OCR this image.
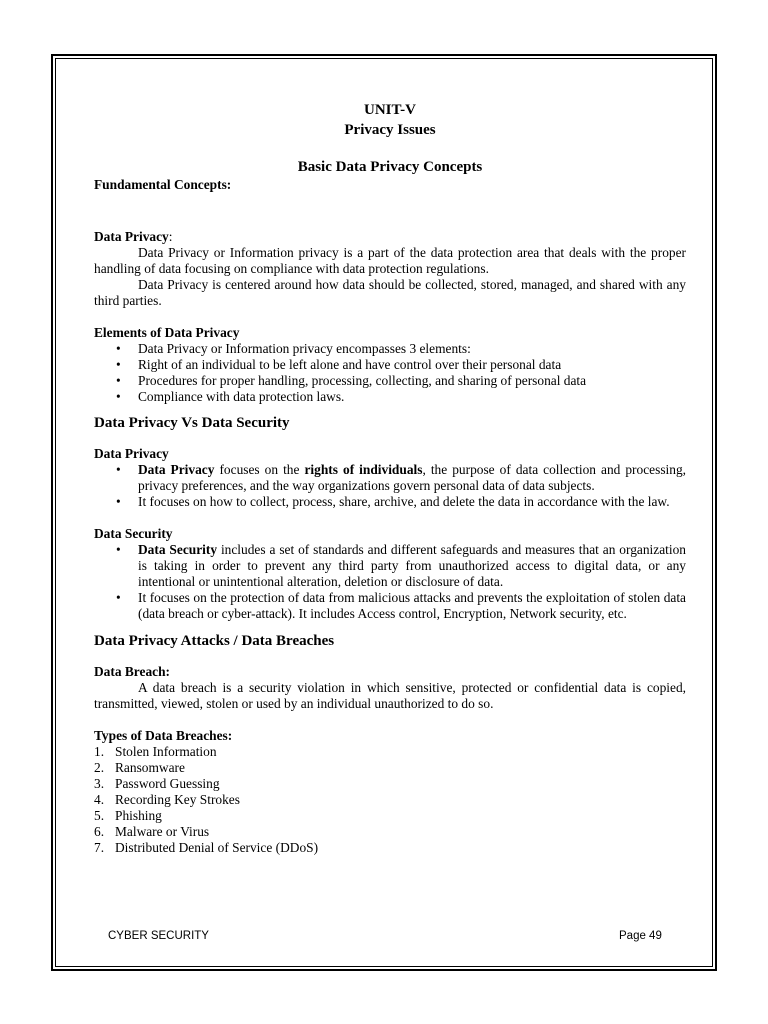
UNIT-V
Privacy Issues
Basic Data Privacy Concepts
Fundamental Concepts:
Data Privacy:

Data Privacy or Information privacy is a part of the data protection area that deals with the proper handling of data focusing on compliance with data protection regulations.

Data Privacy is centered around how data should be collected, stored, managed, and shared with any third parties.

Elements of Data Privacy
• Data Privacy or Information privacy encompasses 3 elements:
• Right of an individual to be left alone and have control over their personal data
• Procedures for proper handling, processing, collecting, and sharing of personal data
• Compliance with data protection laws.
Data Privacy Vs Data Security
Data Privacy
• Data Privacy focuses on the rights of individuals, the purpose of data collection and processing, privacy preferences, and the way organizations govern personal data of data subjects.
• It focuses on how to collect, process, share, archive, and delete the data in accordance with the law.
Data Security
• Data Security includes a set of standards and different safeguards and measures that an organization is taking in order to prevent any third party from unauthorized access to digital data, or any intentional or unintentional alteration, deletion or disclosure of data.
• It focuses on the protection of data from malicious attacks and prevents the exploitation of stolen data (data breach or cyber-attack). It includes Access control, Encryption, Network security, etc.
Data Privacy Attacks / Data Breaches
Data Breach:

A data breach is a security violation in which sensitive, protected or confidential data is copied, transmitted, viewed, stolen or used by an individual unauthorized to do so.

Types of Data Breaches:
1. Stolen Information
2. Ransomware
3. Password Guessing
4. Recording Key Strokes
5. Phishing
6. Malware or Virus
7. Distributed Denial of Service (DDoS)
CYBER SECURITY	Page 49
